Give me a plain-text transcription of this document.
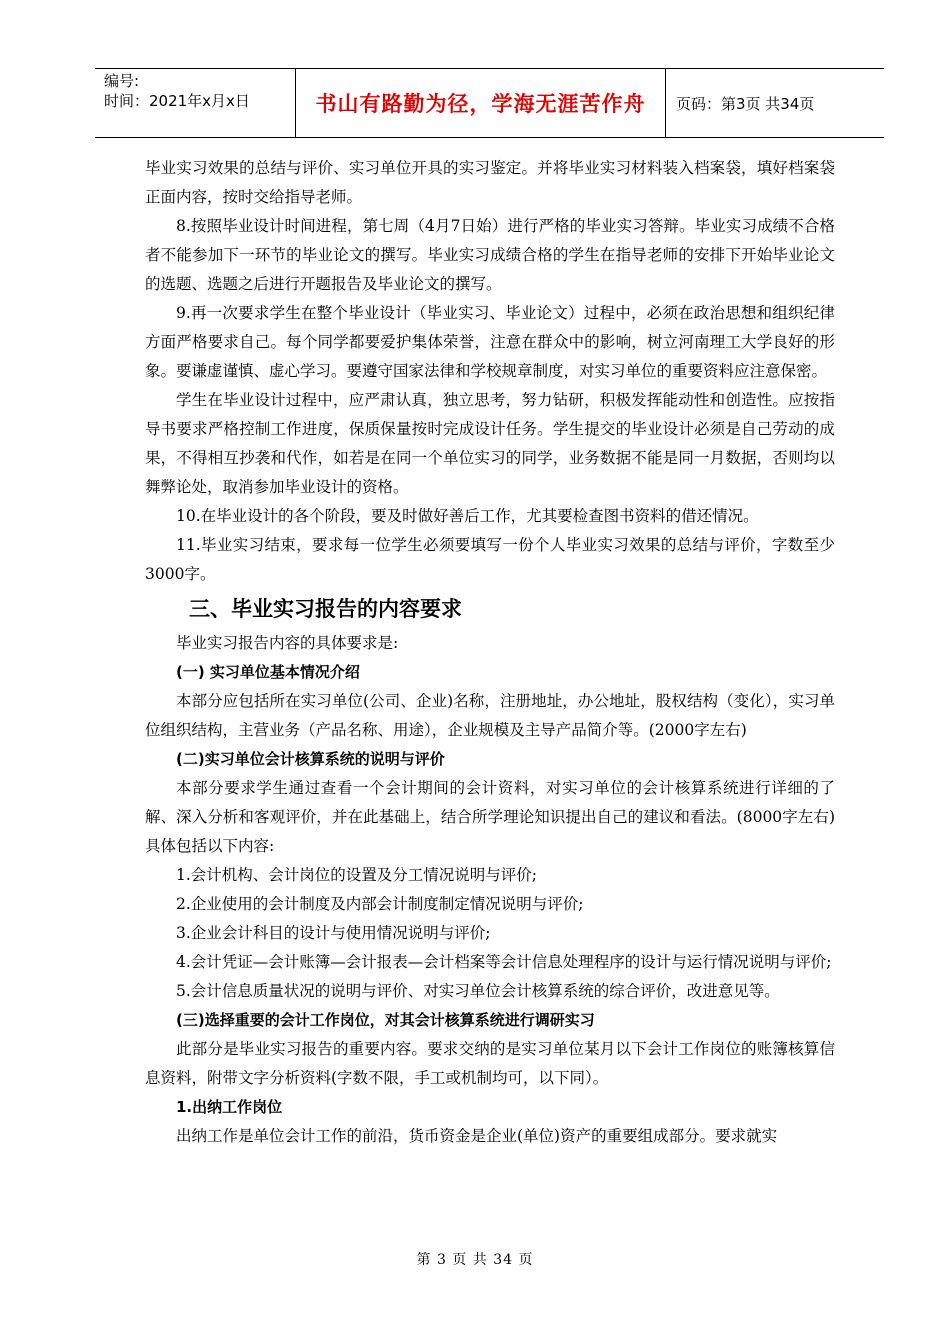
编号:
时间：2021年x月x日	书山有路勤为径，学海无涯苦作舟	页码：第3页 共34页

毕业实习效果的总结与评价、实习单位开具的实习鉴定。并将毕业实习材料装入档案袋，填好档案袋正面内容，按时交给指导老师。

8.按照毕业设计时间进程，第七周（4月7日始）进行严格的毕业实习答辩。毕业实习成绩不合格者不能参加下一环节的毕业论文的撰写。毕业实习成绩合格的学生在指导老师的安排下开始毕业论文的选题、选题之后进行开题报告及毕业论文的撰写。

9.再一次要求学生在整个毕业设计（毕业实习、毕业论文）过程中，必须在政治思想和组织纪律方面严格要求自己。每个同学都要爱护集体荣誉，注意在群众中的影响，树立河南理工大学良好的形象。要谦虚谨慎、虚心学习。要遵守国家法律和学校规章制度，对实习单位的重要资料应注意保密。

学生在毕业设计过程中，应严肃认真，独立思考，努力钻研，积极发挥能动性和创造性。应按指导书要求严格控制工作进度，保质保量按时完成设计任务。学生提交的毕业设计必须是自己劳动的成果，不得相互抄袭和代作，如若是在同一个单位实习的同学，业务数据不能是同一月数据，否则均以舞弊论处，取消参加毕业设计的资格。

10.在毕业设计的各个阶段，要及时做好善后工作，尤其要检查图书资料的借还情况。

11.毕业实习结束，要求每一位学生必须要填写一份个人毕业实习效果的总结与评价，字数至少3000字。

三、毕业实习报告的内容要求

毕业实习报告内容的具体要求是:

(一) 实习单位基本情况介绍

本部分应包括所在实习单位(公司、企业)名称，注册地址，办公地址，股权结构（变化），实习单位组织结构，主营业务（产品名称、用途），企业规模及主导产品简介等。(2000字左右)

(二)实习单位会计核算系统的说明与评价

本部分要求学生通过查看一个会计期间的会计资料，对实习单位的会计核算系统进行详细的了解、深入分析和客观评价，并在此基础上，结合所学理论知识提出自己的建议和看法。(8000字左右)具体包括以下内容:

1.会计机构、会计岗位的设置及分工情况说明与评价;

2.企业使用的会计制度及内部会计制度制定情况说明与评价;

3.企业会计科目的设计与使用情况说明与评价;

4.会计凭证—会计账簿—会计报表—会计档案等会计信息处理程序的设计与运行情况说明与评价;

5.会计信息质量状况的说明与评价、对实习单位会计核算系统的综合评价，改进意见等。

(三)选择重要的会计工作岗位，对其会计核算系统进行调研实习

此部分是毕业实习报告的重要内容。要求交纳的是实习单位某月以下会计工作岗位的账簿核算信息资料，附带文字分析资料(字数不限，手工或机制均可，以下同）。

1.出纳工作岗位

出纳工作是单位会计工作的前沿，货币资金是企业(单位)资产的重要组成部分。要求就实

第 3 页 共 34 页
